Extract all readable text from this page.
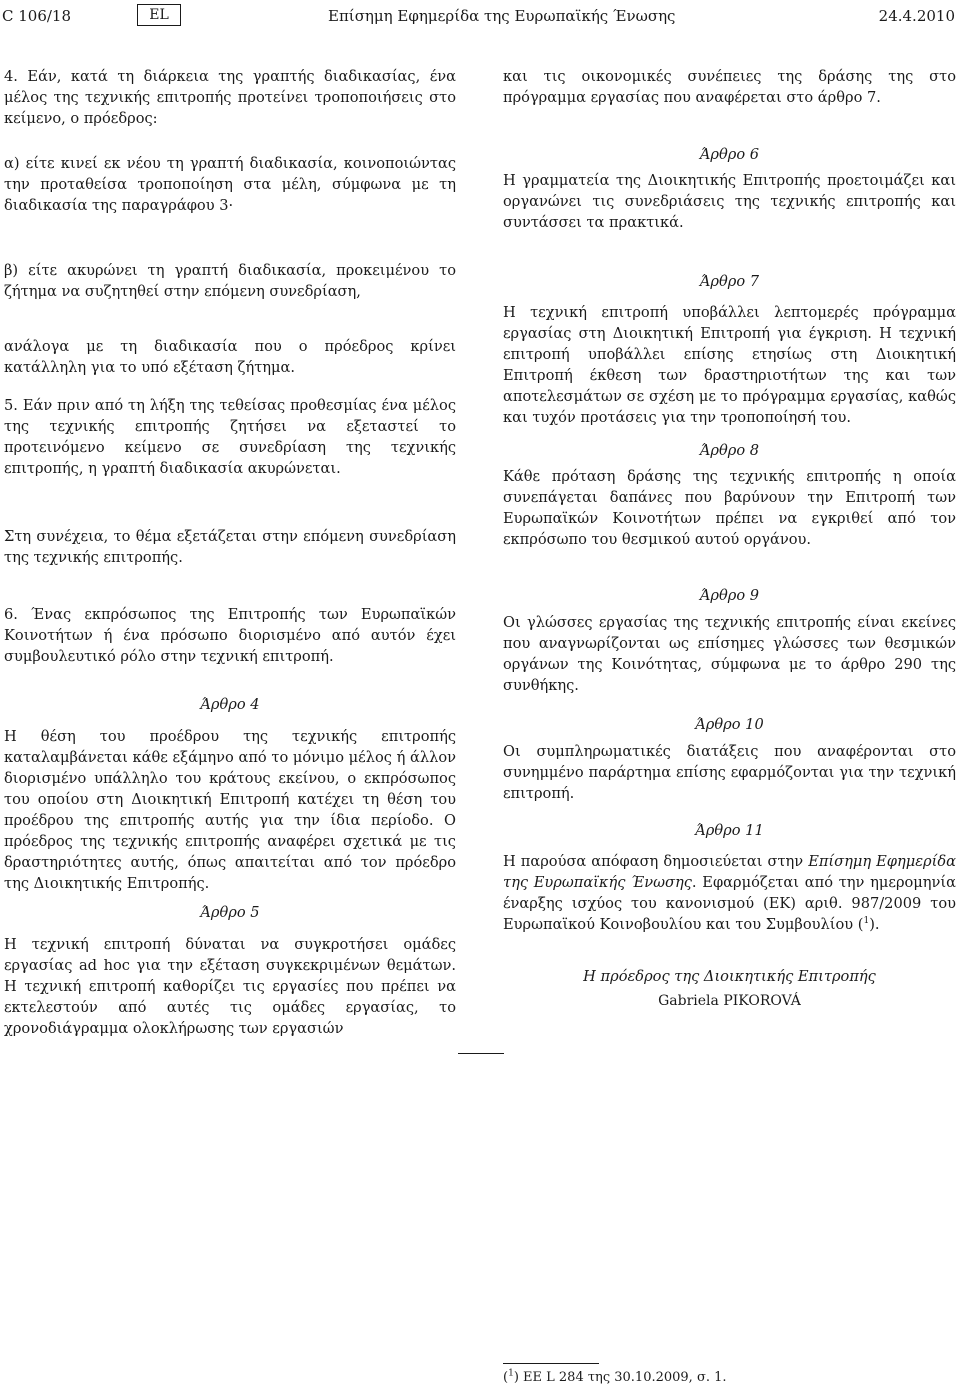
C 106/18	EL	Επίσημη Εφημερίδα της Ευρωπαϊκής Ένωσης	24.4.2010

4. Εάν, κατά τη διάρκεια της γραπτής διαδικασίας, ένα μέλος της τεχνικής επιτροπής προτείνει τροποποιήσεις στο κείμενο, ο πρόεδρος:

α) είτε κινεί εκ νέου τη γραπτή διαδικασία, κοινοποιώντας την προταθείσα τροποποίηση στα μέλη, σύμφωνα με τη διαδικασία της παραγράφου 3·

β) είτε ακυρώνει τη γραπτή διαδικασία, προκειμένου το ζήτημα να συζητηθεί στην επόμενη συνεδρίαση,

ανάλογα με τη διαδικασία που ο πρόεδρος κρίνει κατάλληλη για το υπό εξέταση ζήτημα.

5. Εάν πριν από τη λήξη της τεθείσας προθεσμίας ένα μέλος της τεχνικής επιτροπής ζητήσει να εξεταστεί το προτεινόμενο κείμενο σε συνεδρίαση της τεχνικής επιτροπής, η γραπτή διαδικασία ακυρώνεται.

Στη συνέχεια, το θέμα εξετάζεται στην επόμενη συνεδρίαση της τεχνικής επιτροπής.

6. Ένας εκπρόσωπος της Επιτροπής των Ευρωπαϊκών Κοινοτήτων ή ένα πρόσωπο διορισμένο από αυτόν έχει συμβουλευτικό ρόλο στην τεχνική επιτροπή.

Άρθρο 4

Η θέση του προέδρου της τεχνικής επιτροπής καταλαμβάνεται κάθε εξάμηνο από το μόνιμο μέλος ή άλλον διορισμένο υπάλληλο του κράτους εκείνου, ο εκπρόσωπος του οποίου στη Διοικητική Επιτροπή κατέχει τη θέση του προέδρου της επιτροπής αυτής για την ίδια περίοδο. Ο πρόεδρος της τεχνικής επιτροπής αναφέρει σχετικά με τις δραστηριότητες αυτής, όπως απαιτείται από τον πρόεδρο της Διοικητικής Επιτροπής.

Άρθρο 5

Η τεχνική επιτροπή δύναται να συγκροτήσει ομάδες εργασίας ad hoc για την εξέταση συγκεκριμένων θεμάτων. Η τεχνική επιτροπή καθορίζει τις εργασίες που πρέπει να εκτελεστούν από αυτές τις ομάδες εργασίας, το χρονοδιάγραμμα ολοκλήρωσης των εργασιών

και τις οικονομικές συνέπειες της δράσης της στο πρόγραμμα εργασίας που αναφέρεται στο άρθρο 7.

Άρθρο 6

Η γραμματεία της Διοικητικής Επιτροπής προετοιμάζει και οργανώνει τις συνεδριάσεις της τεχνικής επιτροπής και συντάσσει τα πρακτικά.

Άρθρο 7

Η τεχνική επιτροπή υποβάλλει λεπτομερές πρόγραμμα εργασίας στη Διοικητική Επιτροπή για έγκριση. Η τεχνική επιτροπή υποβάλλει επίσης ετησίως στη Διοικητική Επιτροπή έκθεση των δραστηριοτήτων της και των αποτελεσμάτων σε σχέση με το πρόγραμμα εργασίας, καθώς και τυχόν προτάσεις για την τροποποίησή του.

Άρθρο 8

Κάθε πρόταση δράσης της τεχνικής επιτροπής η οποία συνεπάγεται δαπάνες που βαρύνουν την Επιτροπή των Ευρωπαϊκών Κοινοτήτων πρέπει να εγκριθεί από τον εκπρόσωπο του θεσμικού αυτού οργάνου.

Άρθρο 9

Οι γλώσσες εργασίας της τεχνικής επιτροπής είναι εκείνες που αναγνωρίζονται ως επίσημες γλώσσες των θεσμικών οργάνων της Κοινότητας, σύμφωνα με το άρθρο 290 της συνθήκης.

Άρθρο 10

Οι συμπληρωματικές διατάξεις που αναφέρονται στο συνημμένο παράρτημα επίσης εφαρμόζονται για την τεχνική επιτροπή.

Άρθρο 11

Η παρούσα απόφαση δημοσιεύεται στην Επίσημη Εφημερίδα της Ευρωπαϊκής Ένωσης. Εφαρμόζεται από την ημερομηνία έναρξης ισχύος του κανονισμού (ΕΚ) αριθ. 987/2009 του Ευρωπαϊκού Κοινοβουλίου και του Συμβουλίου ($^1$).

Η πρόεδρος της Διοικητικής Επιτροπής

Gabriela PIKOROVÁ

($^1$) ΕΕ L 284 της 30.10.2009, σ. 1.
